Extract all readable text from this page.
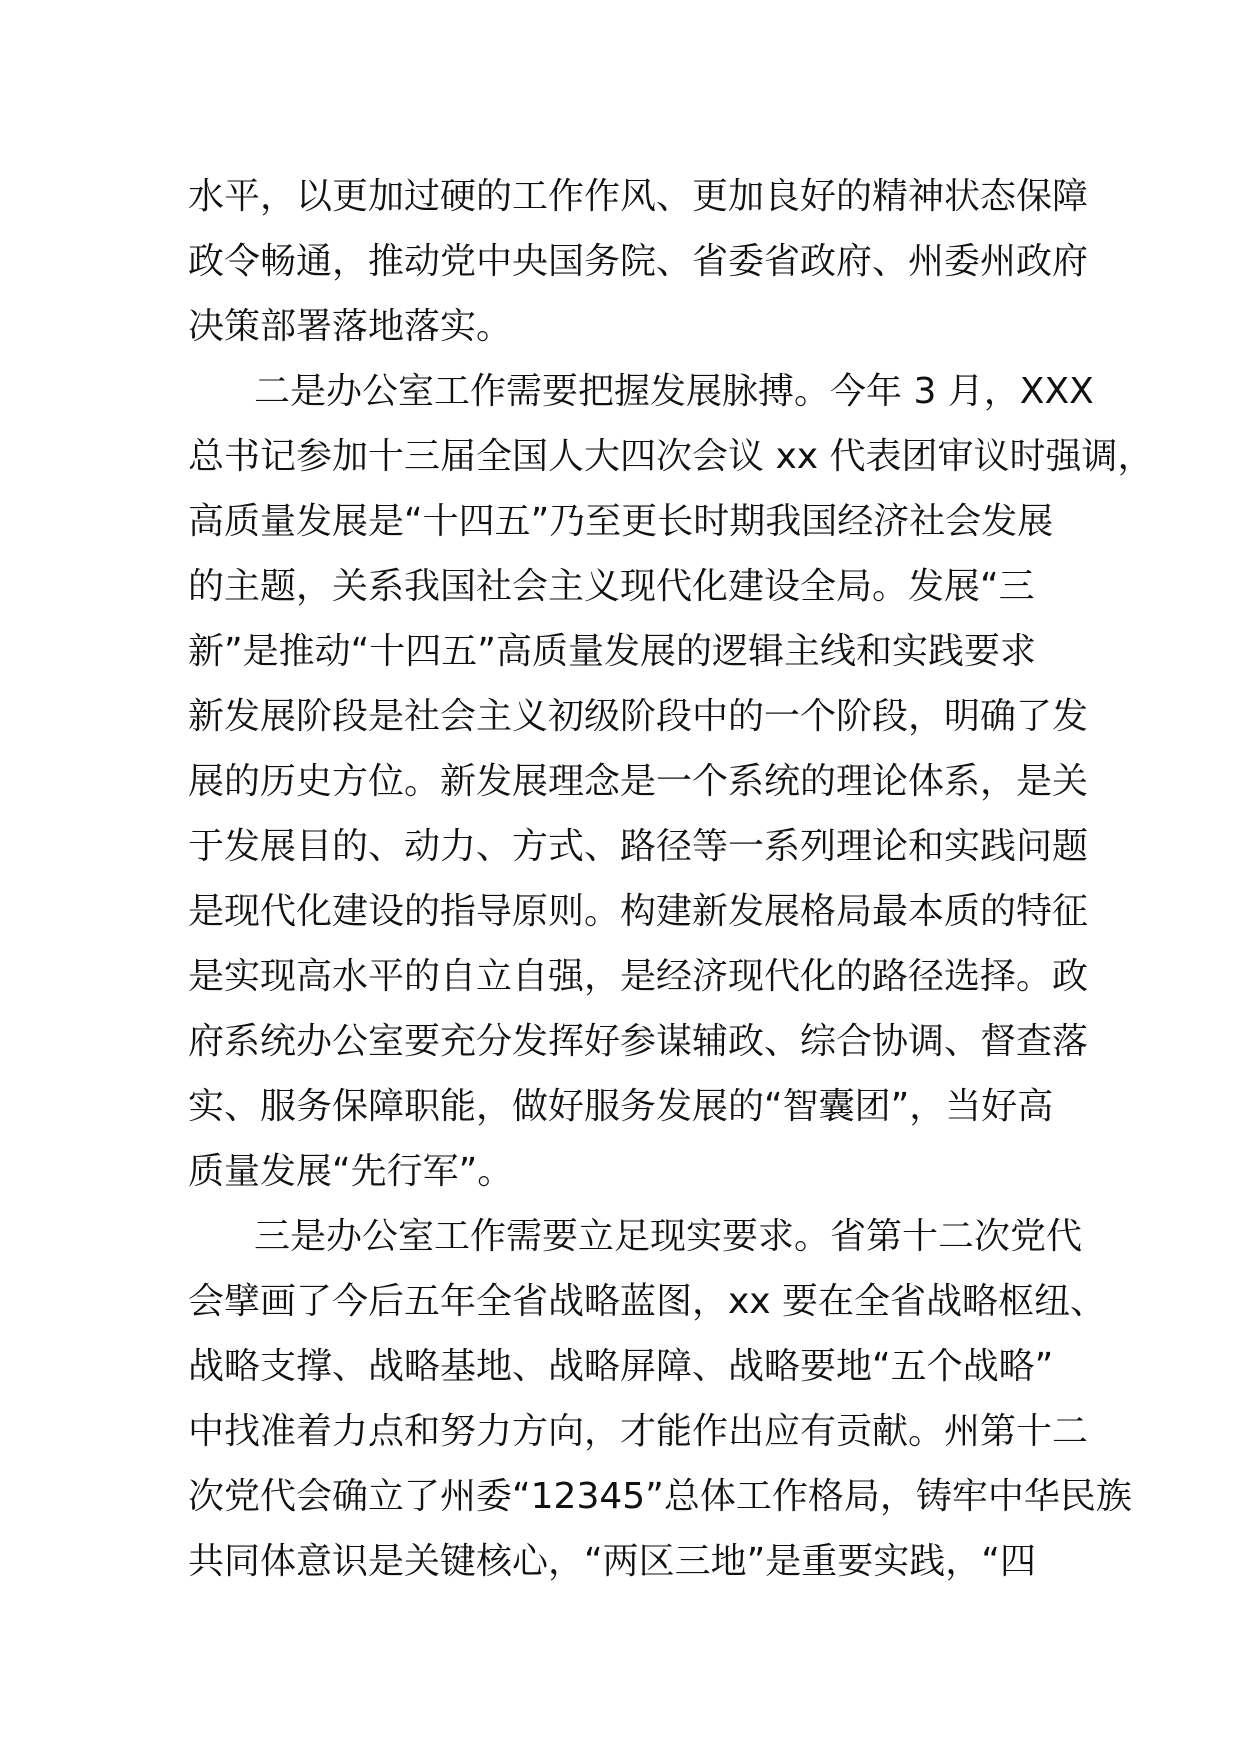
水平，以更加过硬的工作作风、更加良好的精神状态保障
政令畅通，推动党中央国务院、省委省政府、州委州政府
决策部署落地落实。
二是办公室工作需要把握发展脉搏。今年 3 月，XXX
总书记参加十三届全国人大四次会议 xx 代表团审议时强调，
高质量发展是“十四五”乃至更长时期我国经济社会发展
的主题，关系我国社会主义现代化建设全局。发展“三
新”是推动“十四五”高质量发展的逻辑主线和实践要求
新发展阶段是社会主义初级阶段中的一个阶段，明确了发
展的历史方位。新发展理念是一个系统的理论体系，是关
于发展目的、动力、方式、路径等一系列理论和实践问题
是现代化建设的指导原则。构建新发展格局最本质的特征
是实现高水平的自立自强，是经济现代化的路径选择。政
府系统办公室要充分发挥好参谋辅政、综合协调、督查落
实、服务保障职能，做好服务发展的“智囊团”，当好高
质量发展“先行军”。
三是办公室工作需要立足现实要求。省第十二次党代
会擘画了今后五年全省战略蓝图，xx 要在全省战略枢纽、
战略支撑、战略基地、战略屏障、战略要地“五个战略”
中找准着力点和努力方向，才能作出应有贡献。州第十二
次党代会确立了州委“12345”总体工作格局，铸牢中华民族
共同体意识是关键核心，“两区三地”是重要实践，“四
